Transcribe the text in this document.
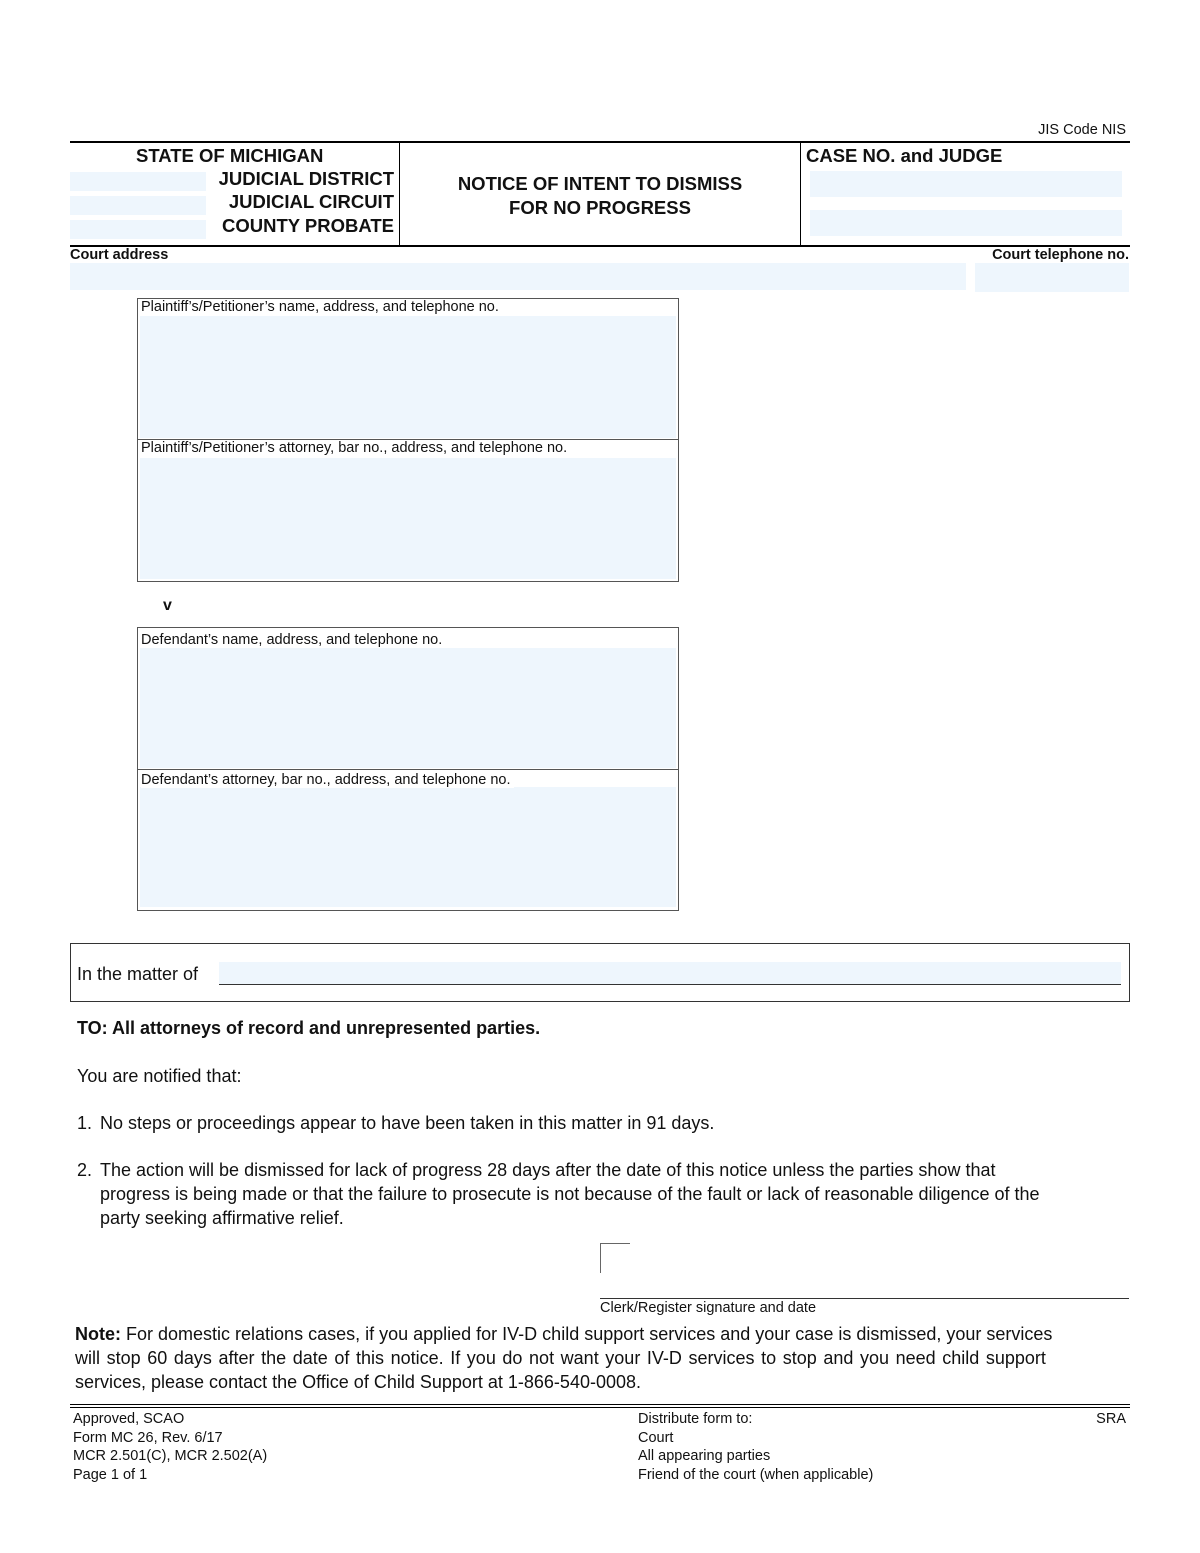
JIS Code NIS
STATE OF MICHIGAN
JUDICIAL DISTRICT
JUDICIAL CIRCUIT
COUNTY PROBATE
NOTICE OF INTENT TO DISMISS
FOR NO PROGRESS
CASE NO. and JUDGE
Court address	Court telephone no.
Plaintiff’s/Petitioner’s name, address, and telephone no.
Plaintiff’s/Petitioner’s attorney, bar no., address, and telephone no.
v
Defendant’s name, address, and telephone no.
Defendant’s attorney, bar no., address, and telephone no.
In the matter of
TO: All attorneys of record and unrepresented parties.
You are notified that:
1. No steps or proceedings appear to have been taken in this matter in 91 days.
2. The action will be dismissed for lack of progress 28 days after the date of this notice unless the parties show that
progress is being made or that the failure to prosecute is not because of the fault or lack of reasonable diligence of the
party seeking affirmative relief.
Clerk/Register signature and date
Note: For domestic relations cases, if you applied for IV-D child support services and your case is dismissed, your services
will stop 60 days after the date of this notice. If you do not want your IV-D services to stop and you need child support
services, please contact the Office of Child Support at 1-866-540-0008.
Approved, SCAO
Form MC 26, Rev. 6/17
MCR 2.501(C), MCR 2.502(A)
Page 1 of 1
Distribute form to:
Court
All appearing parties
Friend of the court (when applicable)
SRA
